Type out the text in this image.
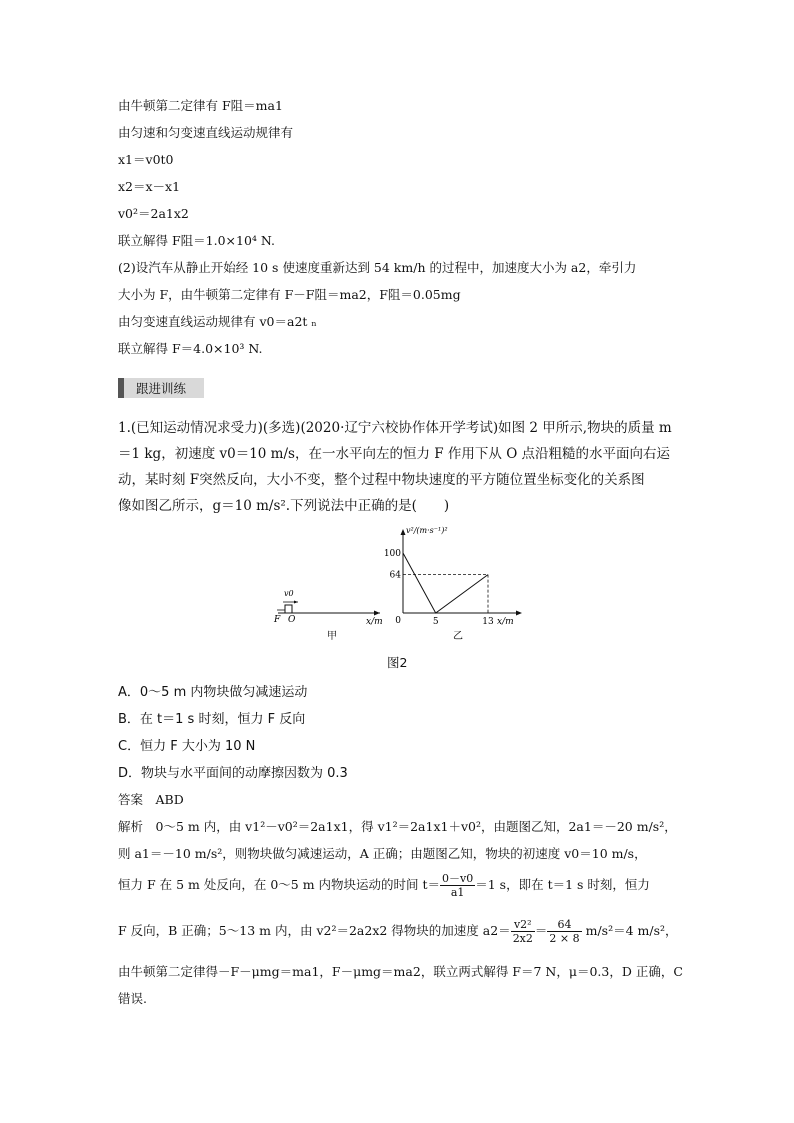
由牛顿第二定律有 F阻＝ma1
由匀速和匀变速直线运动规律有
x1＝v0t0
x2＝x－x1
v0²＝2a1x2
联立解得 F阻＝1.0×10⁴ N.
(2)设汽车从静止开始经 10 s 使速度重新达到 54 km/h 的过程中，加速度大小为 a2，牵引力
大小为 F，由牛顿第二定律有 F－F阻＝ma2，F阻＝0.05mg
由匀变速直线运动规律有 v0＝a2t ₙ
联立解得 F＝4.0×10³ N.
跟进训练
1.(已知运动情况求受力)(多选)(2020·辽宁六校协作体开学考试)如图 2 甲所示,物块的质量 m
＝1 kg，初速度 v0＝10 m/s，在一水平向左的恒力 F 作用下从 O 点沿粗糙的水平面向右运
动，某时刻 F突然反向，大小不变，整个过程中物块速度的平方随位置坐标变化的关系图
像如图乙所示，g＝10 m/s².下列说法中正确的是(　　)
v0
F O	x/m
甲
v²/(m·s⁻¹)²
x/m
100
64
0	5	13
乙
图2
A．0～5 m 内物块做匀减速运动
B．在 t＝1 s 时刻，恒力 F 反向
C．恒力 F 大小为 10 N
D．物块与水平面间的动摩擦因数为 0.3
答案　ABD
解析　0～5 m 内，由 v1²－v0²＝2a1x1，得 v1²＝2a1x1＋v0²，由题图乙知，2a1＝－20 m/s²，
则 a1＝－10 m/s²，则物块做匀减速运动，A 正确；由题图乙知，物块的初速度 v0＝10 m/s，
恒力 F 在 5 m 处反向，在 0～5 m 内物块运动的时间 $t= \frac{0-v0}{a1} =1$ s，即在 t＝1 s 时刻，恒力
F 反向，B 正确；5～13 m 内，由 v2²＝2a2x2 得物块的加速度 $a2= \frac{\text{v2²}}{2x2} = \frac{64}{2 \times 8} m/s^2=4$ m/s²，
由牛顿第二定律得－F－μmg＝ma1，F－μmg＝ma2，联立两式解得 F＝7 N，μ＝0.3，D 正确，C
错误.
